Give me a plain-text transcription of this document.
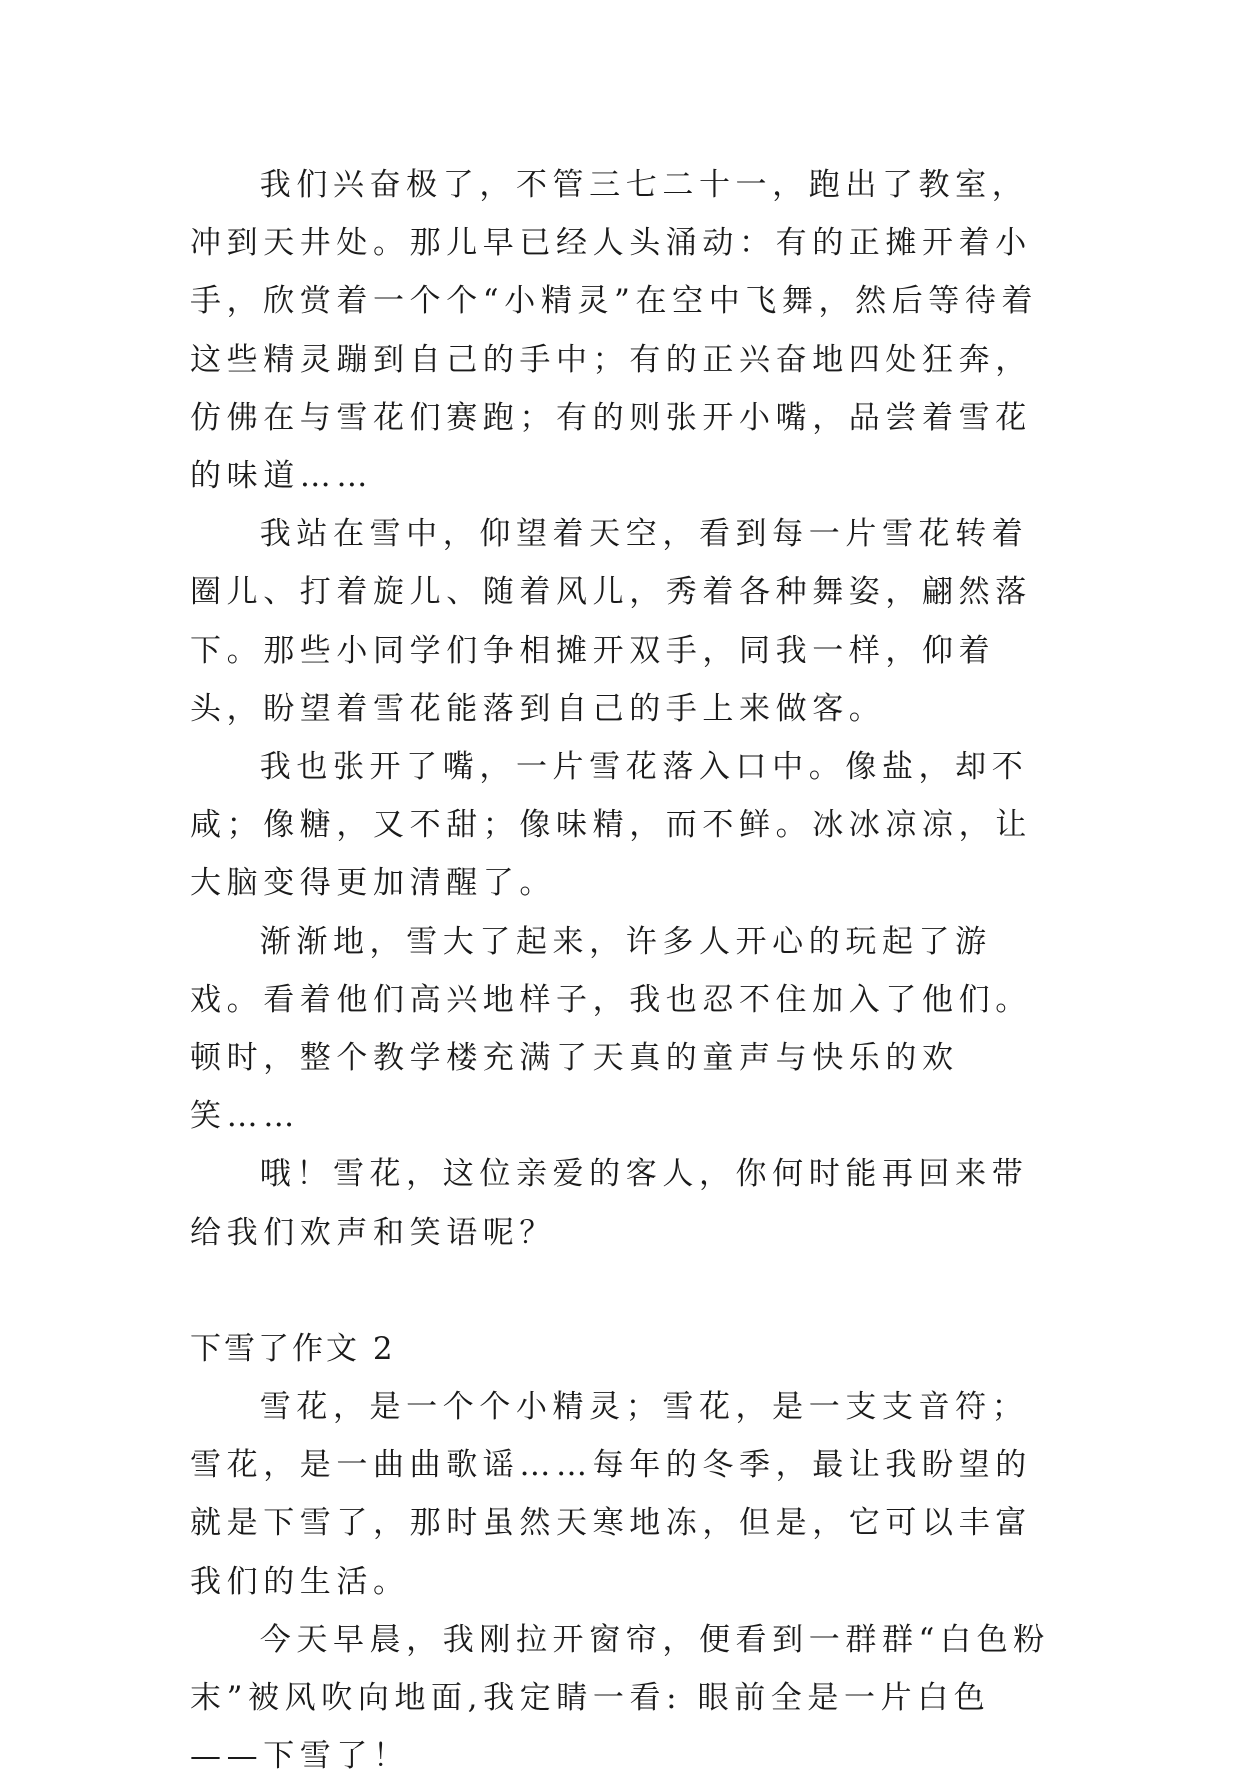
我们兴奋极了，不管三七二十一，跑出了教室，冲到天井处。那儿早已经人头涌动：有的正摊开着小手，欣赏着一个个“小精灵”在空中飞舞，然后等待着这些精灵蹦到自己的手中；有的正兴奋地四处狂奔，仿佛在与雪花们赛跑；有的则张开小嘴，品尝着雪花的味道……

我站在雪中，仰望着天空，看到每一片雪花转着圈儿、打着旋儿、随着风儿，秀着各种舞姿，翩然落下。那些小同学们争相摊开双手，同我一样，仰着头，盼望着雪花能落到自己的手上来做客。

我也张开了嘴，一片雪花落入口中。像盐，却不咸；像糖，又不甜；像味精，而不鲜。冰冰凉凉，让大脑变得更加清醒了。

渐渐地，雪大了起来，许多人开心的玩起了游戏。看着他们高兴地样子，我也忍不住加入了他们。顿时，整个教学楼充满了天真的童声与快乐的欢笑……

哦！雪花，这位亲爱的客人，你何时能再回来带给我们欢声和笑语呢？

下雪了作文 2

雪花，是一个个小精灵；雪花，是一支支音符；雪花，是一曲曲歌谣……每年的冬季，最让我盼望的就是下雪了，那时虽然天寒地冻，但是，它可以丰富我们的生活。

今天早晨，我刚拉开窗帘，便看到一群群“白色粉末”被风吹向地面,我定睛一看: 眼前全是一片白色——下雪了！
